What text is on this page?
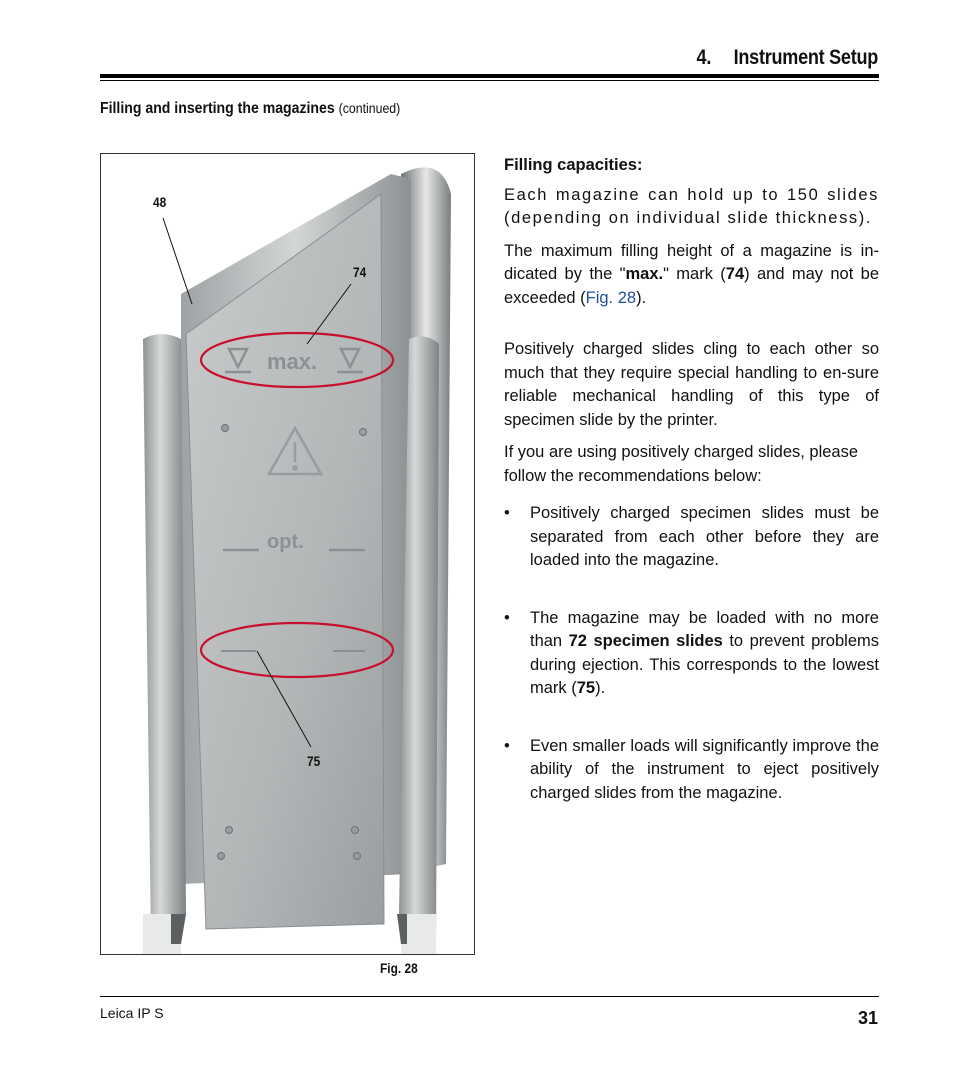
4.  Instrument Setup
Filling and inserting the magazines (continued)
max.
opt.
48
74
75
Fig. 28

Filling capacities:

Each magazine can hold up to 150 slides (depending on individual slide thickness).

The maximum filling height of a magazine is in-dicated by the "max." mark (74) and may not be exceeded (Fig. 28).

Positively charged slides cling to each other so much that they require special handling to en-sure reliable mechanical handling of this type of specimen slide by the printer.

If you are using positively charged slides, please follow the recommendations below:

• Positively charged specimen slides must be separated from each other before they are loaded into the magazine.
• The magazine may be loaded with no more than 72 specimen slides to prevent problems during ejection. This corresponds to the lowest mark (75).
• Even smaller loads will significantly improve the ability of the instrument to eject positively charged slides from the magazine.
Leica IP S	31
